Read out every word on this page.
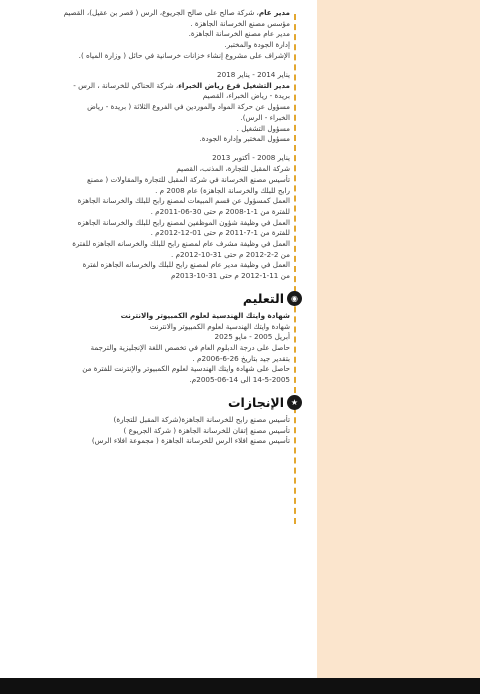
مدير عام، شركة صالح على صالح الجريوع، الرس ( قصر بن عقيل)، القصيم
مؤسس مصنع الخرسانة الجاهزة .
مدير عام مصنع الخرسانة الجاهزة.
إدارة الجودة والمختبر.
الإشراف على مشروع إنشاء خزانات خرسانية في حائل ( وزارة المياه ).
يناير 2014 - يناير 2018
مدير التشغيل فرع رياض الخبراء، شركة الحناكي للخرسانة ، الرس -
بريدة - رياض الخبراء، القصيم
مسؤول عن حركة المواد والموردين في الفروع الثلاثة ( بريدة - رياض
الخبراء - الرس).
مسؤول التشغيل .
مسؤول المختبر وإدارة الجودة.
يناير 2008 - أكتوبر 2013
شركة المقبل للتجارة، المذنب، القصيم
تأسيس مصنع الخرسانة في شركة المقبل للتجارة والمقاولات ( مصنع
رابح للبلك والخرسانة الجاهزة) عام 2008 م .
العمل كمسؤول عن قسم المبيعات لمصنع رابح للبلك والخرسانة الجاهزة
للفترة من 1-1-2008 م حتى 30-06-2011م .
العمل في وظيفة شؤون الموظفين لمصنع رابح للبلك والخرسانة الجاهزه
للفترة من 1-7-2011 م حتى 01-12-2012م .
العمل في وظيفة مشرف عام لمصنع رابح للبلك والخرسانه الجاهزه للفترة
من 2-2-2012 م حتى 31-10-2012م .
العمل في وظيفة مدير عام لمصنع رابح للبلك والخرسانه الجاهزه لفترة
من 11-1-2012 م حتى 31-10-2013م
◉
التعليم
شهادة وايتك الهندسية لعلوم الكمبيوتر والانترنت
شهادة وايتك الهندسية لعلوم الكمبيوتر والانترنت
أبريل 2005 - مايو 2025
حاصل على درجة الدبلوم العام في تخصص اللغة الإنجليزية والترجمة
بتقدير جيد بتاريخ 26-6-2006م .
حاصل على شهادة وايتك الهندسية لعلوم الكمبيوتر والإنترنت للفترة من
14-5-2005 الى 14-06-2005م.
★
الإنجازات
تأسيس مصنع رابح للخرسانة الجاهزة(شركة المقبل للتجارة)
تأسيس مصنع إتقان للخرسانة الجاهزة ( شركة الجريوع )
تأسيس مصنع افلاء الرس للخرسانة الجاهزة ( مجموعة افلاء الرس)
